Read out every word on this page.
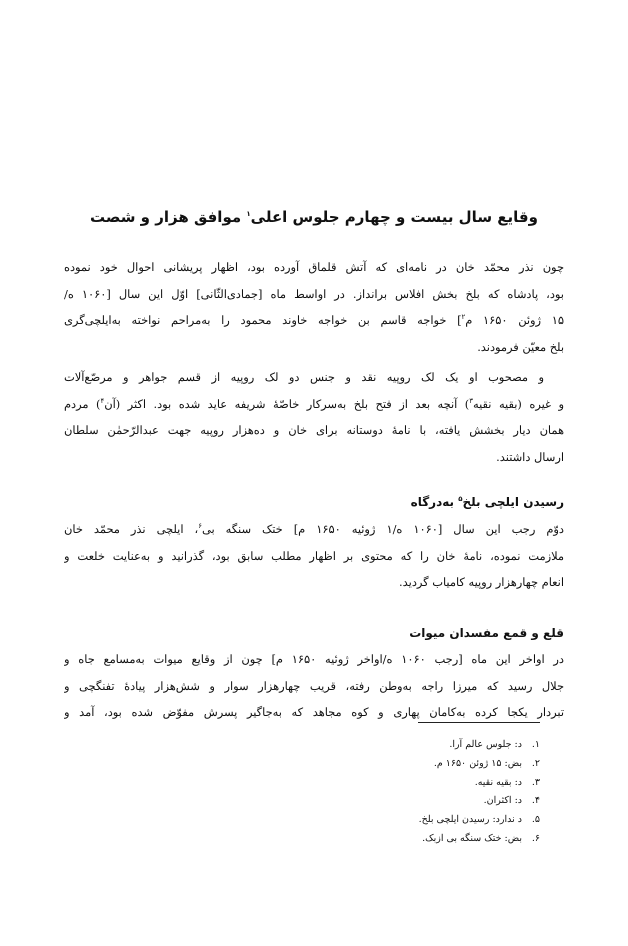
وقایع سال بیست و چهارم جلوس اعلی$^۱$ موافق هزار و شصت
چون نذر محمّد خان در نامه‌ای که آتش قلماق آورده بود، اظهار پریشانی احوال خود نموده
بود، پادشاه که بلخ بخش افلاس برانداز. در اواسط ماه [جمادی‌الثّانی] اوّل این سال [۱۰۶۰ ه/
۱۵ ژوئن ۱۶۵۰ م$^۲$] خواجه قاسم بن خواجه خاوند محمود را به‌مراحم نواخته به‌ایلچی‌گری
بلخ معیّن فرمودند.
و مصحوب او یک لک روپیه نقد و جنس دو لک روپیه از قسم جواهر و مرصّع‌آلات
و غیره (بقیه نقیه$^۳$) آنچه بعد از فتح بلخ به‌سرکار خاصّهٔ شریفه عاید شده بود. اکثر (آن$^۴$) مردم
همان دیار بخشش یافته، با نامهٔ دوستانه برای خان و ده‌هزار روپیه جهت عبدالرّحمٰن سلطان
ارسال داشتند.
رسیدن ایلچی بلخ$^۵$ به‌درگاه
دوّم رجب این سال [۱۰۶۰ ه/۱ ژوئیه ۱۶۵۰ م] ختک سنگه بی$^۶$، ایلچی نذر محمّد خان
ملازمت نموده، نامهٔ خان را که محتوی بر اظهار مطلب سابق بود، گذرانید و به‌عنایت خلعت و
انعام چهارهزار روپیه کامیاب گردید.
قلع و قمع مفسدان میوات
در اواخر این ماه [رجب ۱۰۶۰ ه/اواخر ژوئیه ۱۶۵۰ م] چون از وقایع میوات به‌مسامع جاه و
جلال رسید که میرزا راجه به‌وطن رفته، قریب چهارهزار سوار و شش‌هزار پیادهٔ تفنگچی و
تبردار یکجا کرده به‌کامان پهاری و کوه مجاهد که به‌جاگیر پسرش مفوّض شده بود، آمد و
۱.د: جلوس عالم آرا.
۲.بض: ۱۵ ژوئن ۱۶۵۰ م.
۳.د: بقیه نقیه.
۴.د: اکثران.
۵.د ندارد: رسیدن ایلچی بلخ.
۶.بض: ختک سنگه بی ازبک.
